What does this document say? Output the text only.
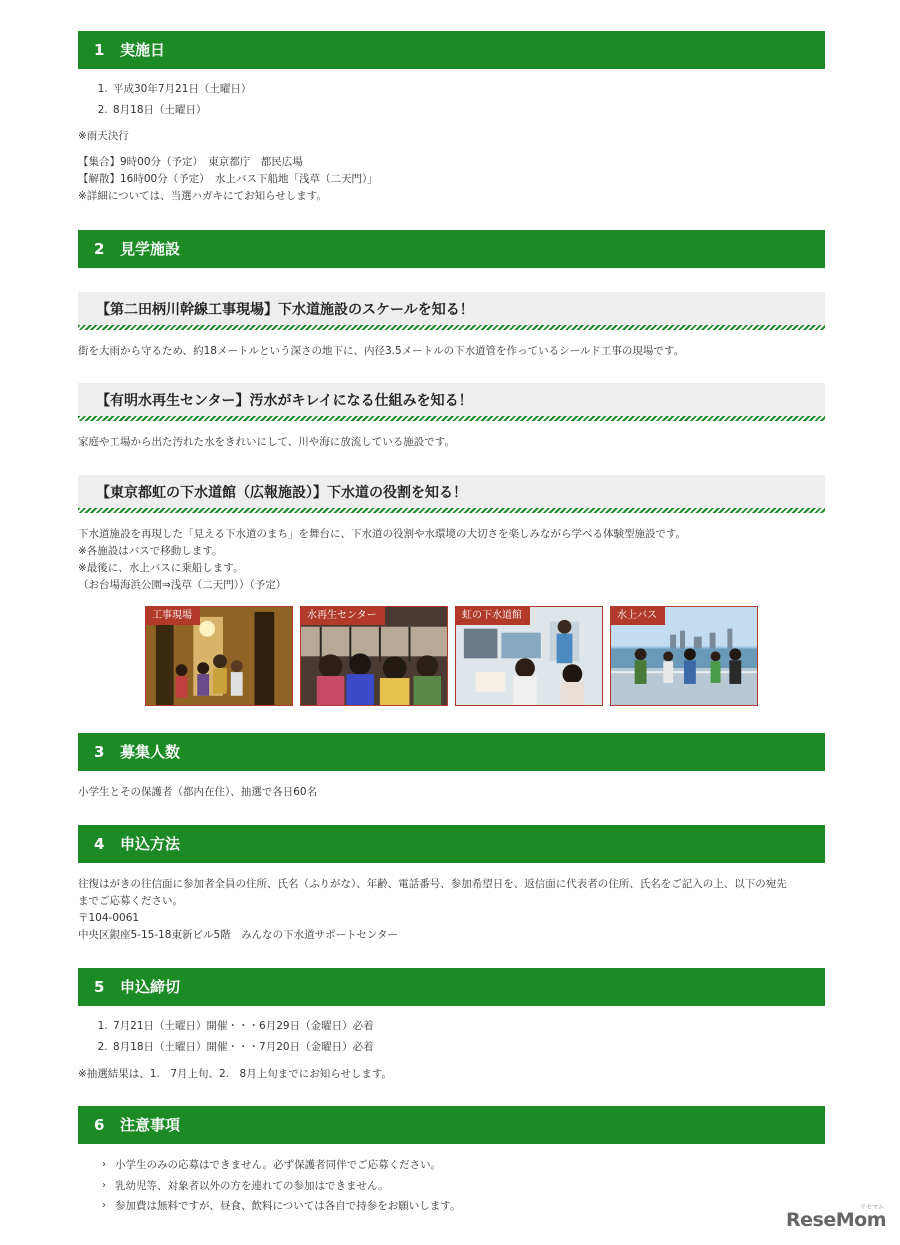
1 実施日
1. 平成30年7月21日（土曜日）
2. 8月18日（土曜日）
※雨天決行
【集合】9時00分（予定）　東京都庁　都民広場
【解散】16時00分（予定）　水上バス下船地「浅草（二天門）」
※詳細については、当選ハガキにてお知らせします。
2 見学施設
【第二田柄川幹線工事現場】下水道施設のスケールを知る！
街を大雨から守るため、約18メートルという深さの地下に、内径3.5メートルの下水道管を作っているシールド工事の現場です。
【有明水再生センター】汚水がキレイになる仕組みを知る！
家庭や工場から出た汚れた水をきれいにして、川や海に放流している施設です。
【東京都虹の下水道館（広報施設）】下水道の役割を知る！
下水道施設を再現した「見える下水道のまち」を舞台に、下水道の役割や水環境の大切さを楽しみながら学べる体験型施設です。
※各施設はバスで移動します。
※最後に、水上バスに乗船します。
（お台場海浜公園⇒浅草（二天門））（予定）
工事現場	水再生センター	虹の下水道館	水上バス
3 募集人数
小学生とその保護者（都内在住）、抽選で各日60名
4 申込方法
往復はがきの往信面に参加者全員の住所、氏名（ふりがな）、年齢、電話番号、参加希望日を、返信面に代表者の住所、氏名をご記入の上、以下の宛先
までご応募ください。
〒104-0061
中央区銀座5-15-18東新ビル5階　みんなの下水道サポートセンター
5 申込締切
1. 7月21日（土曜日）開催・・・6月29日（金曜日）必着
2. 8月18日（土曜日）開催・・・7月20日（金曜日）必着
※抽選結果は、1.　7月上旬、2.　8月上旬までにお知らせします。
6 注意事項
› 小学生のみの応募はできません。必ず保護者同伴でご応募ください。
› 乳幼児等、対象者以外の方を連れての参加はできません。
› 参加費は無料ですが、昼食、飲料については各自で持参をお願いします。	リセマム
ReseMom
